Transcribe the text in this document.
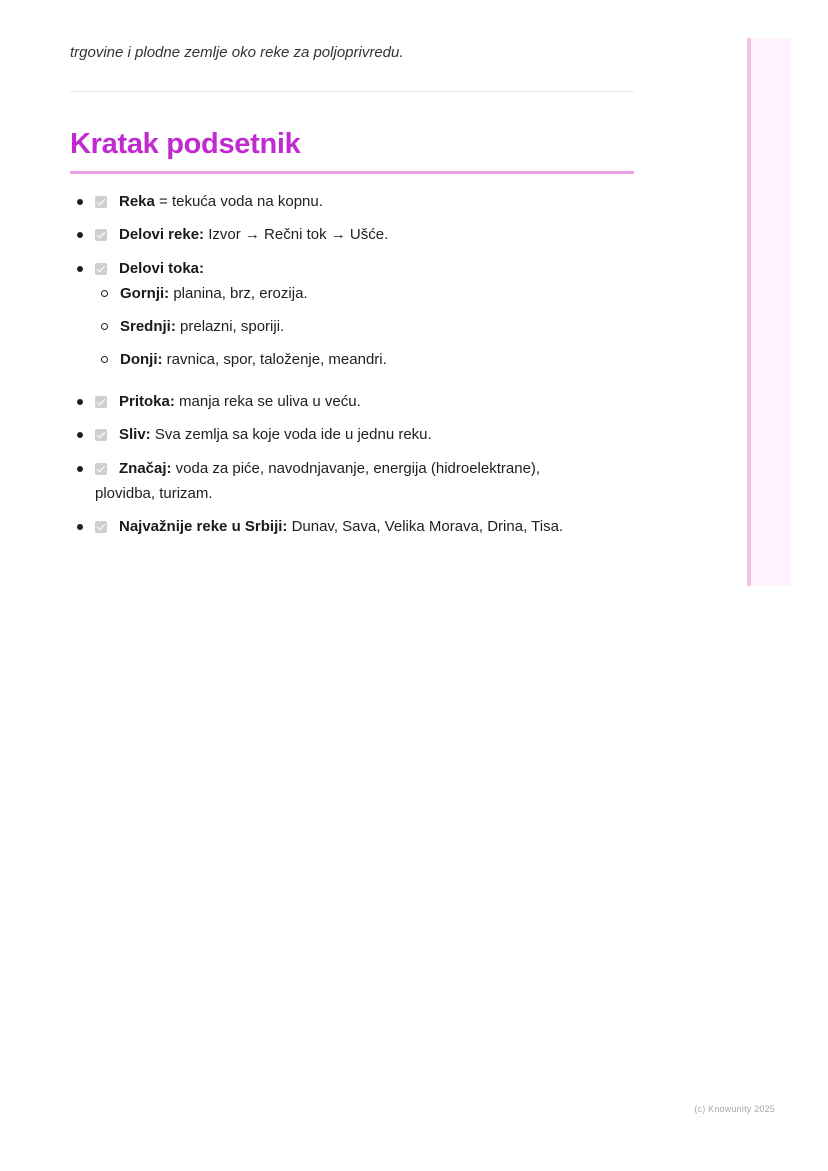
trgovine i plodne zemlje oko reke za poljoprivredu.

Kratak podsetnik
Reka = tekuća voda na kopnu.
Delovi reke: Izvor → Rečni tok → Ušće.
Delovi toka:
Gornji: planina, brz, erozija.
Srednji: prelazni, sporiji.
Donji: ravnica, spor, taloženje, meandri.
Pritoka: manja reka se uliva u veću.
Sliv: Sva zemlja sa koje voda ide u jednu reku.
Značaj: voda za piće, navodnjavanje, energija (hidroelektrane), plovidba, turizam.
Najvažnije reke u Srbiji: Dunav, Sava, Velika Morava, Drina, Tisa.
(c) Knowunity 2025
